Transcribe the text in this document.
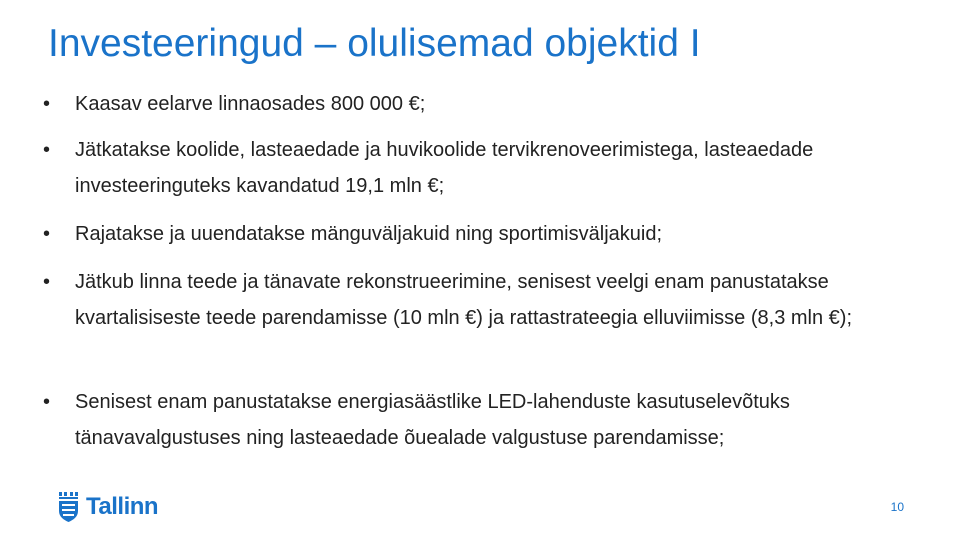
Investeeringud – olulisemad objektid I
• Kaasav eelarve linnaosades 800 000 €;
• Jätkatakse koolide, lasteaedade ja huvikoolide tervikrenoveerimistega, lasteaedade investeeringuteks kavandatud 19,1 mln €;
• Rajatakse ja uuendatakse mänguväljakuid ning sportimisväljakuid;
• Jätkub linna teede ja tänavate rekonstrueerimine, senisest veelgi enam panustatakse kvartalisiseste teede parendamisse (10 mln €) ja rattastrateegia elluviimisse (8,3 mln €);
• Senisest enam panustatakse energiasäästlike LED-lahenduste kasutuselevõtuks tänavavalgustuses ning lasteaedade õuealade valgustuse parendamisse;
Tallinn	10
